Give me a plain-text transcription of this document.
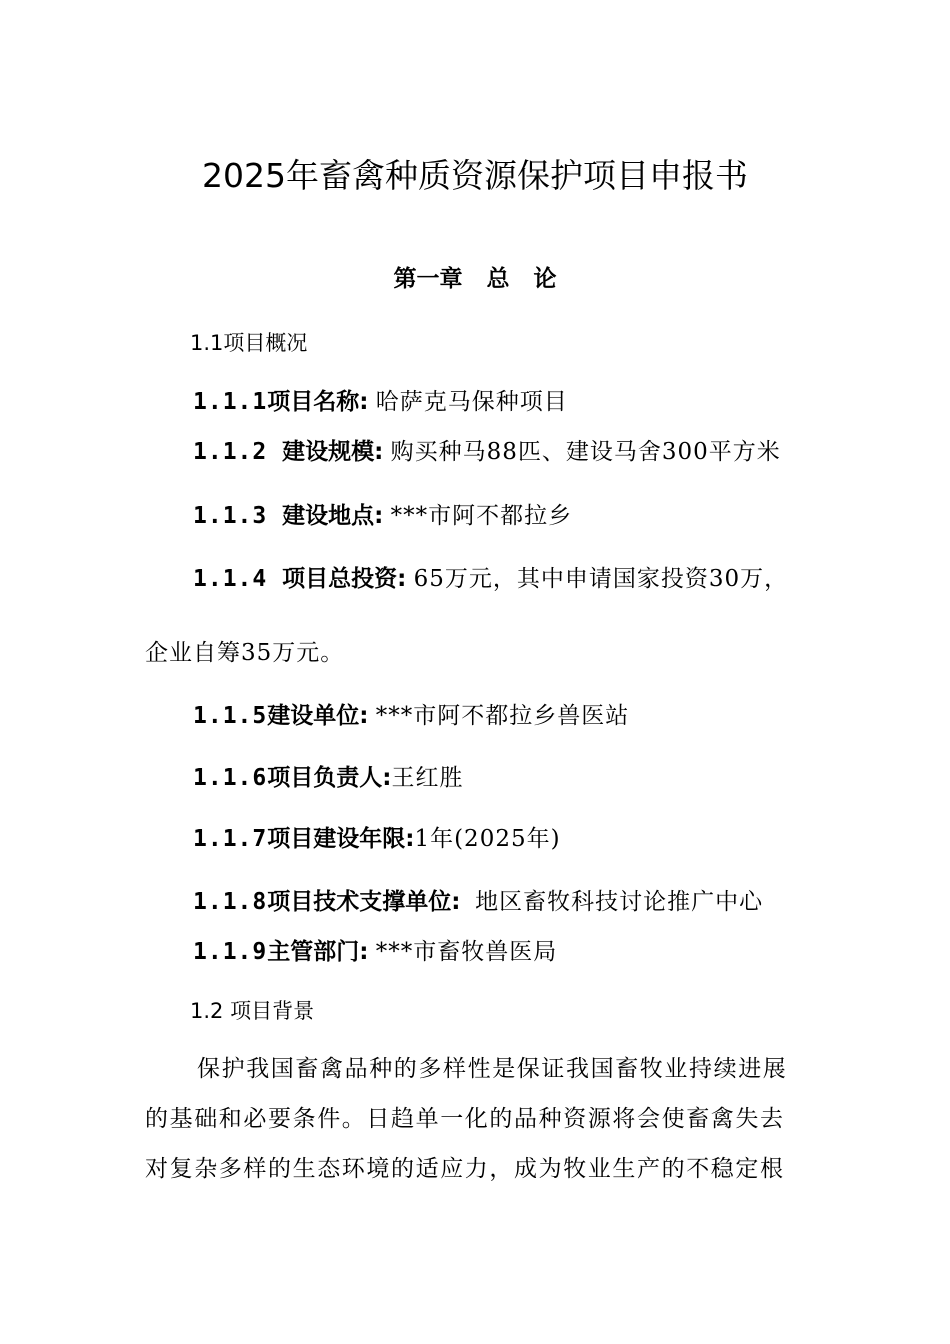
2025年畜禽种质资源保护项目申报书
第一章   总   论
1.1项目概况
1.1.1项目名称: 哈萨克马保种项目
1.1.2 建设规模: 购买种马88匹、建设马舍300平方米
1.1.3 建设地点: ***市阿不都拉乡
1.1.4 项目总投资: 65万元，其中申请国家投资30万，
企业自筹35万元。
1.1.5建设单位: ***市阿不都拉乡兽医站
1.1.6项目负责人:王红胜
1.1.7项目建设年限:1年(2025年)
1.1.8项目技术支撑单位: 地区畜牧科技讨论推广中心
1.1.9主管部门: ***市畜牧兽医局
1.2 项目背景
保护我国畜禽品种的多样性是保证我国畜牧业持续进展
的基础和必要条件。日趋单一化的品种资源将会使畜禽失去
对复杂多样的生态环境的适应力，成为牧业生产的不稳定根
